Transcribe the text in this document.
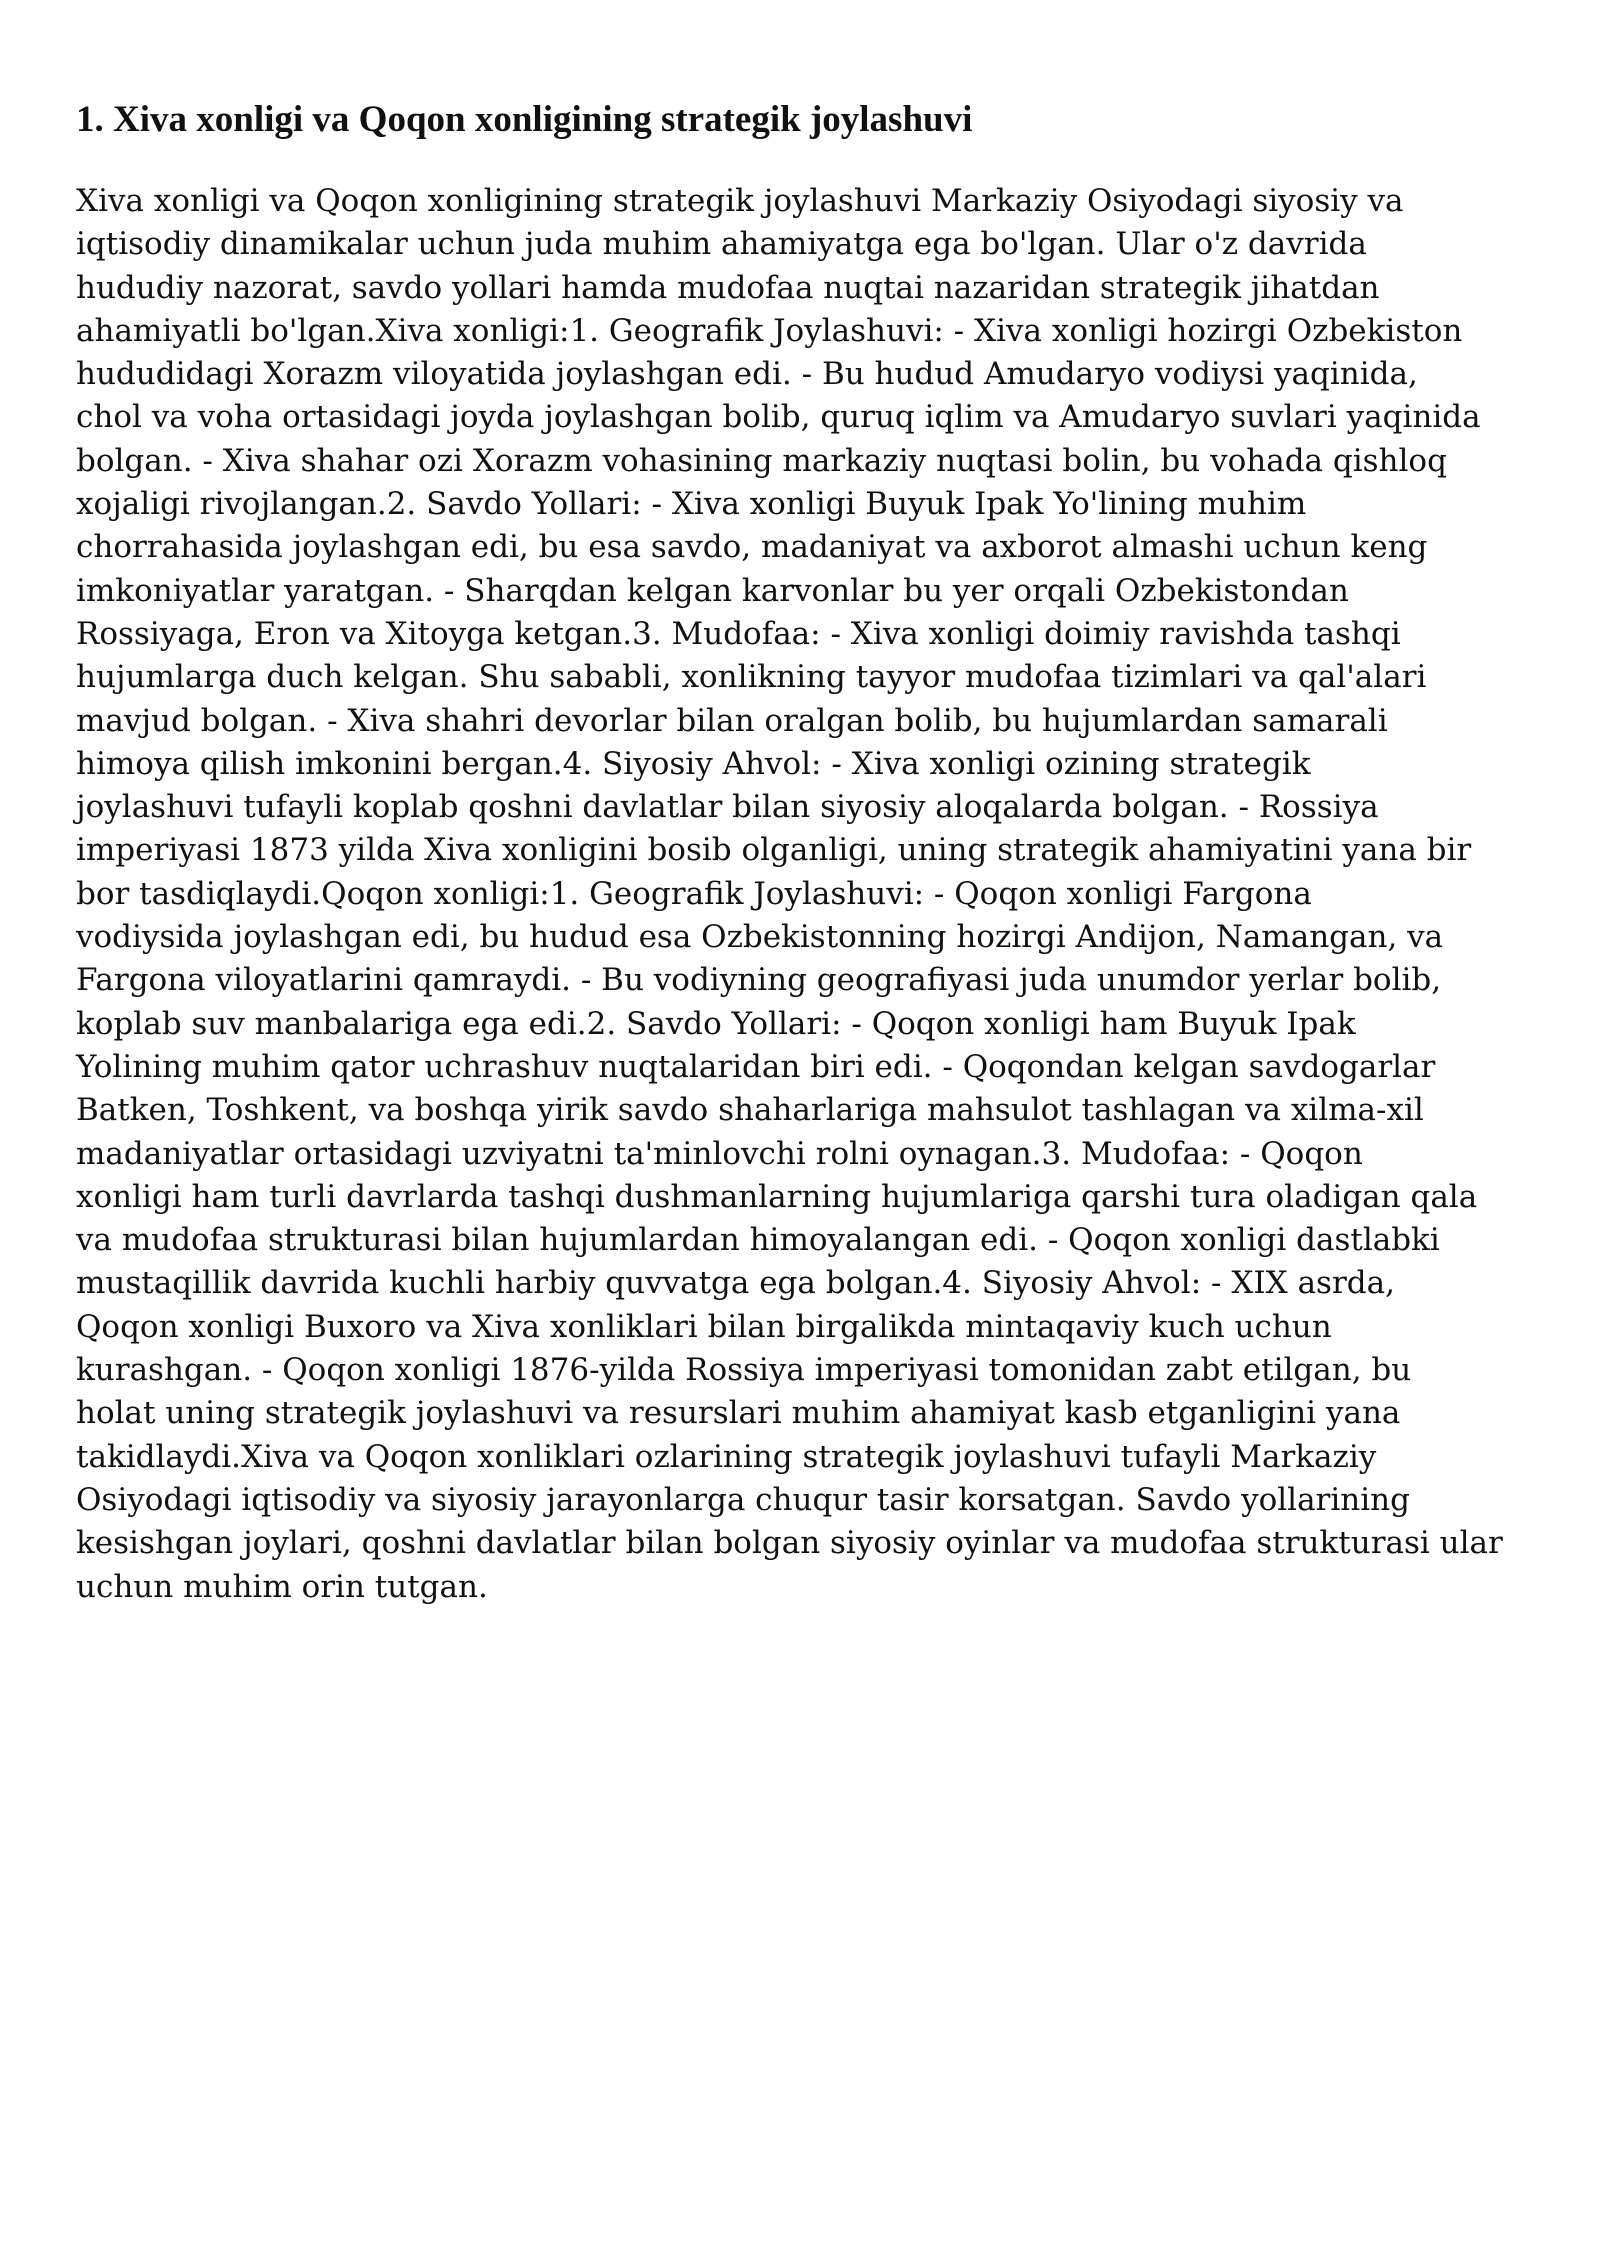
1. Xiva xonligi va Qoqon xonligining strategik joylashuvi

Xiva xonligi va Qoqon xonligining strategik joylashuvi Markaziy Osiyodagi siyosiy va
iqtisodiy dinamikalar uchun juda muhim ahamiyatga ega bo'lgan. Ular o'z davrida
hududiy nazorat, savdo yollari hamda mudofaa nuqtai nazaridan strategik jihatdan
ahamiyatli bo'lgan.Xiva xonligi:1. Geografik Joylashuvi: - Xiva xonligi hozirgi Ozbekiston
hududidagi Xorazm viloyatida joylashgan edi. - Bu hudud Amudaryo vodiysi yaqinida,
chol va voha ortasidagi joyda joylashgan bolib, quruq iqlim va Amudaryo suvlari yaqinida
bolgan. - Xiva shahar ozi Xorazm vohasining markaziy nuqtasi bolin, bu vohada qishloq
xojaligi rivojlangan.2. Savdo Yollari: - Xiva xonligi Buyuk Ipak Yo'lining muhim
chorrahasida joylashgan edi, bu esa savdo, madaniyat va axborot almashi uchun keng
imkoniyatlar yaratgan. - Sharqdan kelgan karvonlar bu yer orqali Ozbekistondan
Rossiyaga, Eron va Xitoyga ketgan.3. Mudofaa: - Xiva xonligi doimiy ravishda tashqi
hujumlarga duch kelgan. Shu sababli, xonlikning tayyor mudofaa tizimlari va qal'alari
mavjud bolgan. - Xiva shahri devorlar bilan oralgan bolib, bu hujumlardan samarali
himoya qilish imkonini bergan.4. Siyosiy Ahvol: - Xiva xonligi ozining strategik
joylashuvi tufayli koplab qoshni davlatlar bilan siyosiy aloqalarda bolgan. - Rossiya
imperiyasi 1873 yilda Xiva xonligini bosib olganligi, uning strategik ahamiyatini yana bir
bor tasdiqlaydi.Qoqon xonligi:1. Geografik Joylashuvi: - Qoqon xonligi Fargona
vodiysida joylashgan edi, bu hudud esa Ozbekistonning hozirgi Andijon, Namangan, va
Fargona viloyatlarini qamraydi. - Bu vodiyning geografiyasi juda unumdor yerlar bolib,
koplab suv manbalariga ega edi.2. Savdo Yollari: - Qoqon xonligi ham Buyuk Ipak
Yolining muhim qator uchrashuv nuqtalaridan biri edi. - Qoqondan kelgan savdogarlar
Batken, Toshkent, va boshqa yirik savdo shaharlariga mahsulot tashlagan va xilma-xil
madaniyatlar ortasidagi uzviyatni ta'minlovchi rolni oynagan.3. Mudofaa: - Qoqon
xonligi ham turli davrlarda tashqi dushmanlarning hujumlariga qarshi tura oladigan qala
va mudofaa strukturasi bilan hujumlardan himoyalangan edi. - Qoqon xonligi dastlabki
mustaqillik davrida kuchli harbiy quvvatga ega bolgan.4. Siyosiy Ahvol: - XIX asrda,
Qoqon xonligi Buxoro va Xiva xonliklari bilan birgalikda mintaqaviy kuch uchun
kurashgan. - Qoqon xonligi 1876-yilda Rossiya imperiyasi tomonidan zabt etilgan, bu
holat uning strategik joylashuvi va resurslari muhim ahamiyat kasb etganligini yana
takidlaydi.Xiva va Qoqon xonliklari ozlarining strategik joylashuvi tufayli Markaziy
Osiyodagi iqtisodiy va siyosiy jarayonlarga chuqur tasir korsatgan. Savdo yollarining
kesishgan joylari, qoshni davlatlar bilan bolgan siyosiy oyinlar va mudofaa strukturasi ular
uchun muhim orin tutgan.
